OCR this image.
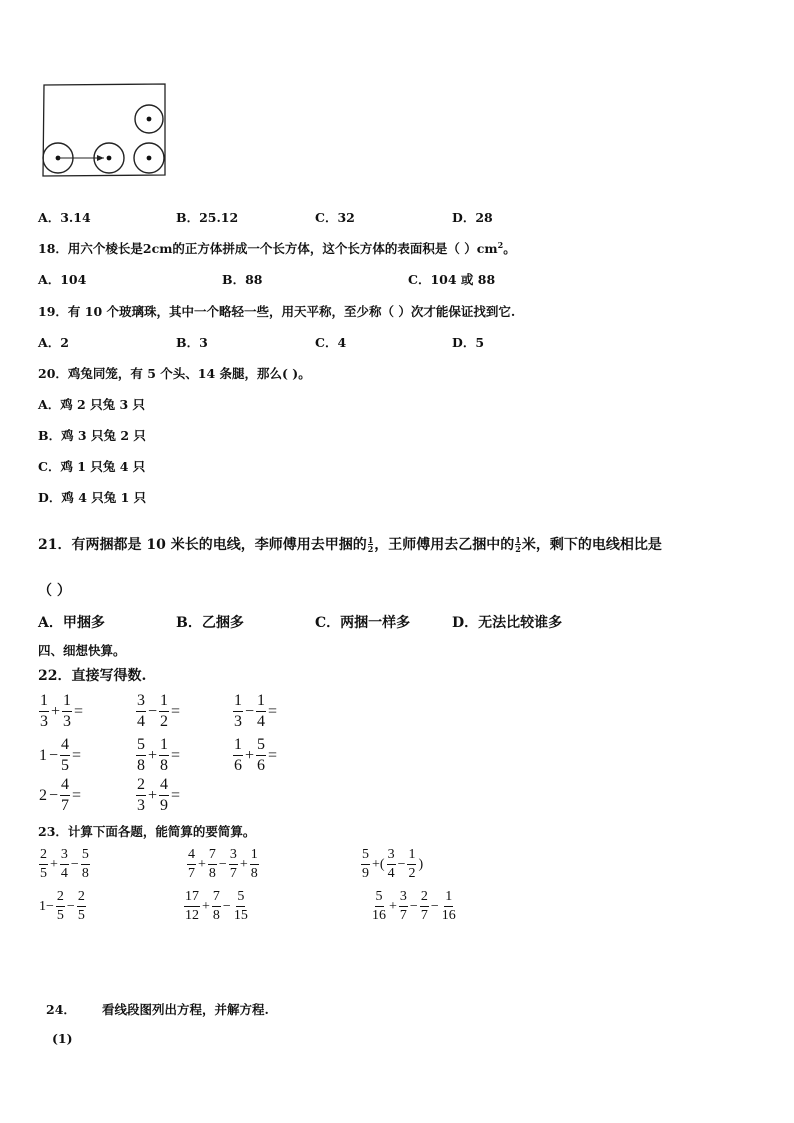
A．3.14	B．25.12	C．32	D．28
18．用六个棱长是2cm的正方体拼成一个长方体，这个长方体的表面积是（ ）$cm^2$。
A．104	B．88	C．104 或 88
19．有 10 个玻璃珠，其中一个略轻一些，用天平称，至少称（ ）次才能保证找到它.
A．2	B．3	C．4	D．5
20．鸡兔同笼，有 5 个头、14 条腿，那么( )。
A．鸡 2 只兔 3 只
B．鸡 3 只兔 2 只
C．鸡 1 只兔 4 只
D．鸡 4 只兔 1 只
21．有两捆都是 10 米长的电线，李师傅用去甲捆的 $\frac{1}{2}$ ，王师傅用去乙捆中的 $\frac{1}{2}$ 米，剩下的电线相比是
（ ）
A．甲捆多	B．乙捆多	C．两捆一样多	D．无法比较谁多
四、细想快算。
22．直接写得数.
23．计算下面各题，能简算的要简算。
24． 看线段图列出方程，并解方程.
(1)
$\frac{1}{3} + \frac{1}{3}$ =	$\frac{3}{4} - \frac{1}{2}$ =	$\frac{1}{3} - \frac{1}{4}$ =
$1 - \frac{4}{5}$ =	$\frac{5}{8} + \frac{1}{8}$ =	$\frac{1}{6} + \frac{5}{6}$ =
$2 - \frac{4}{7}$ =	$\frac{2}{3} + \frac{4}{9}$ =
$\frac{2}{5} + \frac{3}{4} - \frac{5}{8}$	$\frac{4}{7} + \frac{7}{8} - \frac{3}{7} + \frac{1}{8}$	$\frac{5}{9}$ +( $\frac{3}{4} - \frac{1}{2}$ )
$1- \frac{2}{5} - \frac{2}{5}$	$\frac{17}{12} + \frac{7}{8} - \frac{5}{15}$	$\frac{5}{16} + \frac{3}{7} - \frac{2}{7} - \frac{1}{16}$
